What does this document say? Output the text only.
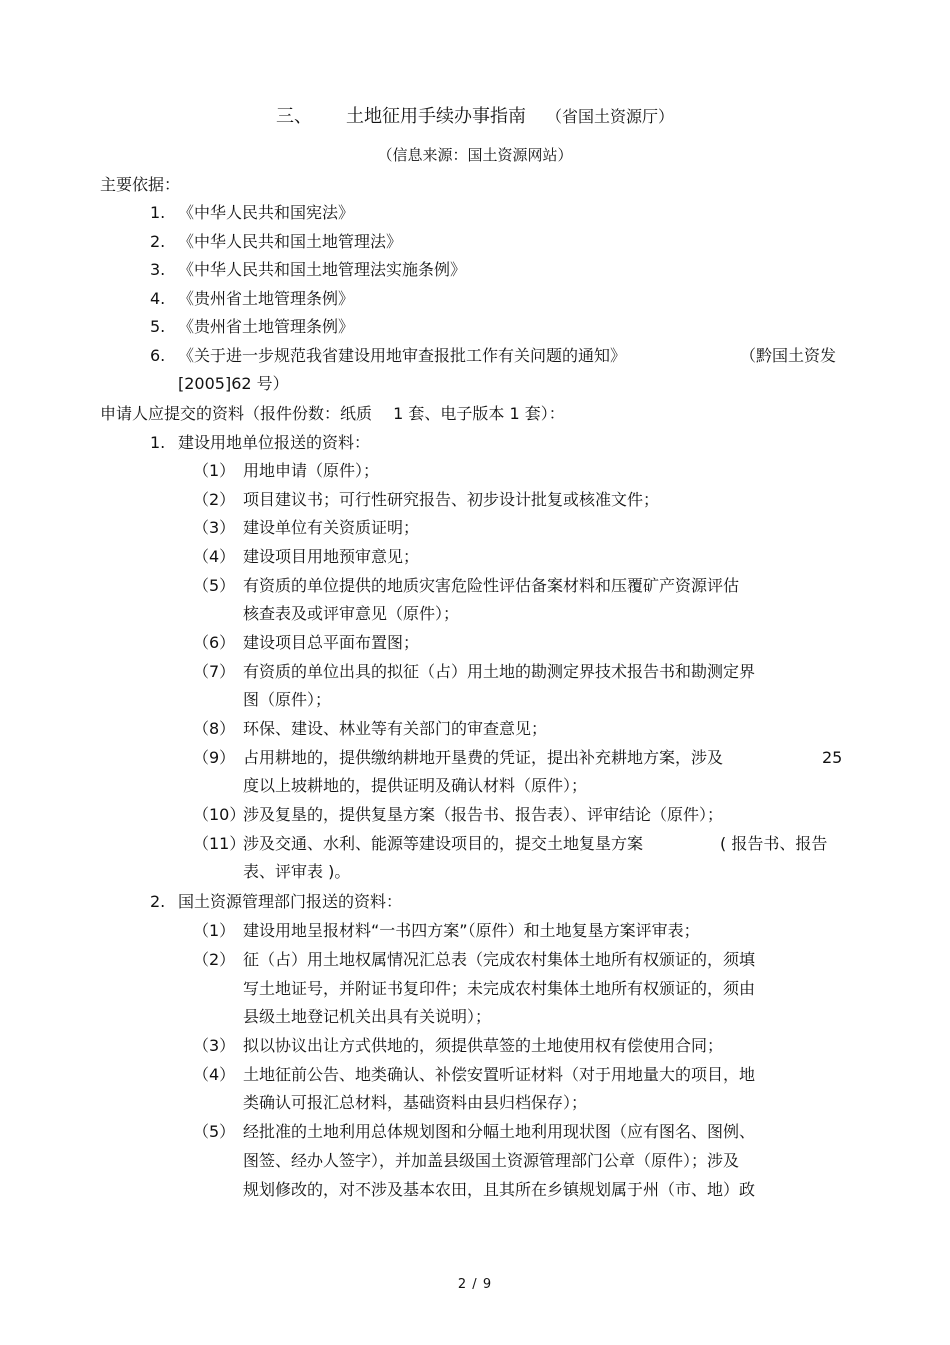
三、 土地征用手续办事指南 （省国土资源厅）
（信息来源：国土资源网站）
主要依据：
1. 《中华人民共和国宪法》
2. 《中华人民共和国土地管理法》
3. 《中华人民共和国土地管理法实施条例》
4. 《贵州省土地管理条例》
5. 《贵州省土地管理条例》
6. 《关于进一步规范我省建设用地审查报批工作有关问题的通知》	（黔国土资发
[2005]62 号）
申请人应提交的资料（报件份数：纸质　 1 套、电子版本 1 套）：
1. 建设用地单位报送的资料：
（1） 用地申请（原件）；
（2） 项目建议书；可行性研究报告、初步设计批复或核准文件；
（3） 建设单位有关资质证明；
（4） 建设项目用地预审意见；
（5） 有资质的单位提供的地质灾害危险性评估备案材料和压覆矿产资源评估
核查表及或评审意见（原件）；
（6） 建设项目总平面布置图；
（7） 有资质的单位出具的拟征（占）用土地的勘测定界技术报告书和勘测定界
图（原件）；
（8） 环保、建设、林业等有关部门的审查意见；
（9） 占用耕地的，提供缴纳耕地开垦费的凭证，提出补充耕地方案，涉及	25
度以上坡耕地的，提供证明及确认材料（原件）；
（10）
涉及复垦的，提供复垦方案（报告书、报告表）、评审结论（原件）；
（11）
涉及交通、水利、能源等建设项目的，提交土地复垦方案	( 报告书、报告
表、评审表 )。
2. 国土资源管理部门报送的资料：
（1） 建设用地呈报材料“一书四方案”（原件）和土地复垦方案评审表；
（2） 征（占）用土地权属情况汇总表（完成农村集体土地所有权颁证的，须填
写土地证号，并附证书复印件；未完成农村集体土地所有权颁证的，须由
县级土地登记机关出具有关说明）；
（3） 拟以协议出让方式供地的，须提供草签的土地使用权有偿使用合同；
（4） 土地征前公告、地类确认、补偿安置听证材料（对于用地量大的项目，地
类确认可报汇总材料，基础资料由县归档保存）；
（5） 经批准的土地利用总体规划图和分幅土地利用现状图（应有图名、图例、
图签、经办人签字），并加盖县级国土资源管理部门公章（原件）；涉及
规划修改的，对不涉及基本农田，且其所在乡镇规划属于州（市、地）政
2 / 9
